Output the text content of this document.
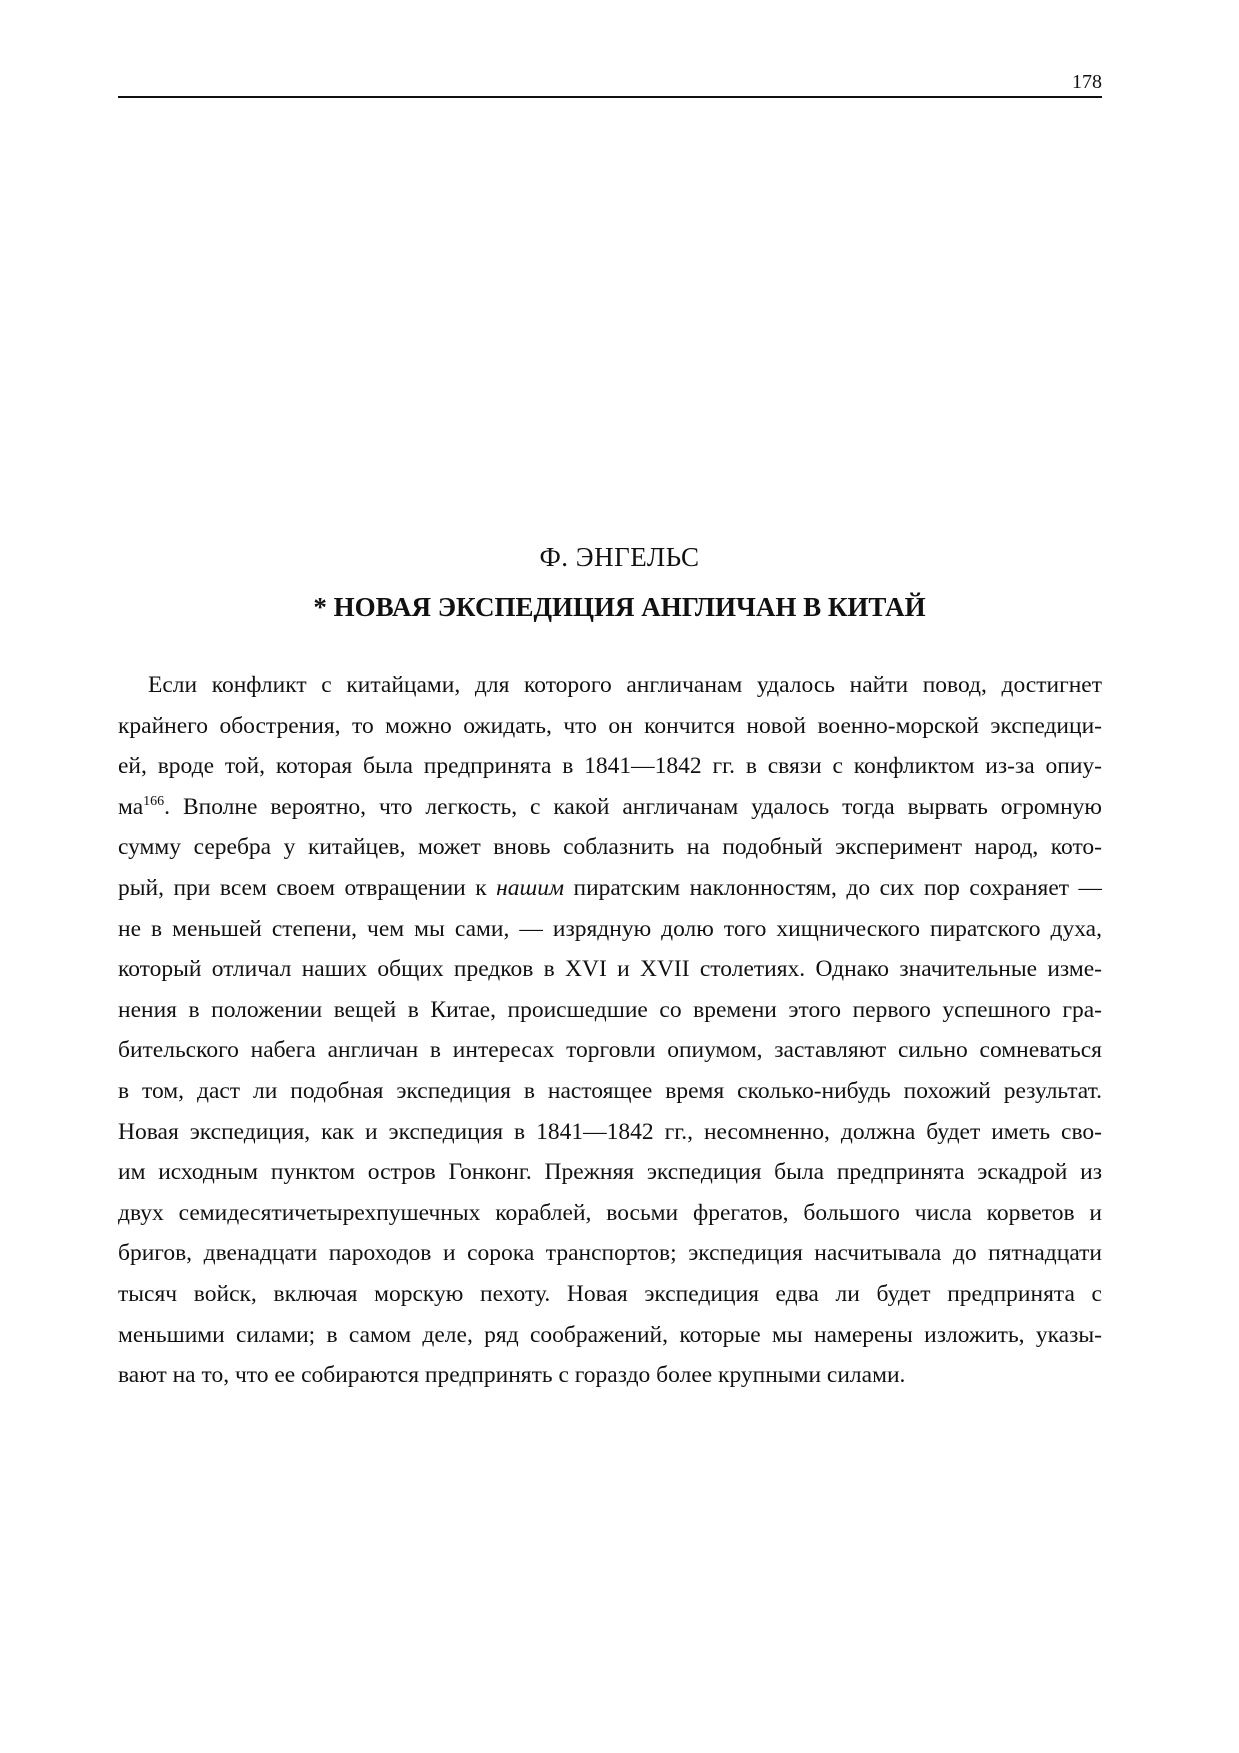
178
Ф. ЭНГЕЛЬС
* НОВАЯ ЭКСПЕДИЦИЯ АНГЛИЧАН В КИТАЙ
Если конфликт с китайцами, для которого англичанам удалось найти повод, достигнет
крайнего обострения, то можно ожидать, что он кончится новой военно-морской экспедици-
ей, вроде той, которая была предпринята в 1841—1842 гг. в связи с конфликтом из-за опиу-
$ма^{166}$. Вполне вероятно, что легкость, с какой англичанам удалось тогда вырвать огромную
сумму серебра у китайцев, может вновь соблазнить на подобный эксперимент народ, кото-
рый, при всем своем отвращении к нашим пиратским наклонностям, до сих пор сохраняет —
не в меньшей степени, чем мы сами, — изрядную долю того хищнического пиратского духа,
который отличал наших общих предков в XVI и XVII столетиях. Однако значительные изме-
нения в положении вещей в Китае, происшедшие со времени этого первого успешного гра-
бительского набега англичан в интересах торговли опиумом, заставляют сильно сомневаться
в том, даст ли подобная экспедиция в настоящее время сколько-нибудь похожий результат.
Новая экспедиция, как и экспедиция в 1841—1842 гг., несомненно, должна будет иметь сво-
им исходным пунктом остров Гонконг. Прежняя экспедиция была предпринята эскадрой из
двух семидесятичетырехпушечных кораблей, восьми фрегатов, большого числа корветов и
бригов, двенадцати пароходов и сорока транспортов; экспедиция насчитывала до пятнадцати
тысяч войск, включая морскую пехоту. Новая экспедиция едва ли будет предпринята с
меньшими силами; в самом деле, ряд соображений, которые мы намерены изложить, указы-
вают на то, что ее собираются предпринять с гораздо более крупными силами.
